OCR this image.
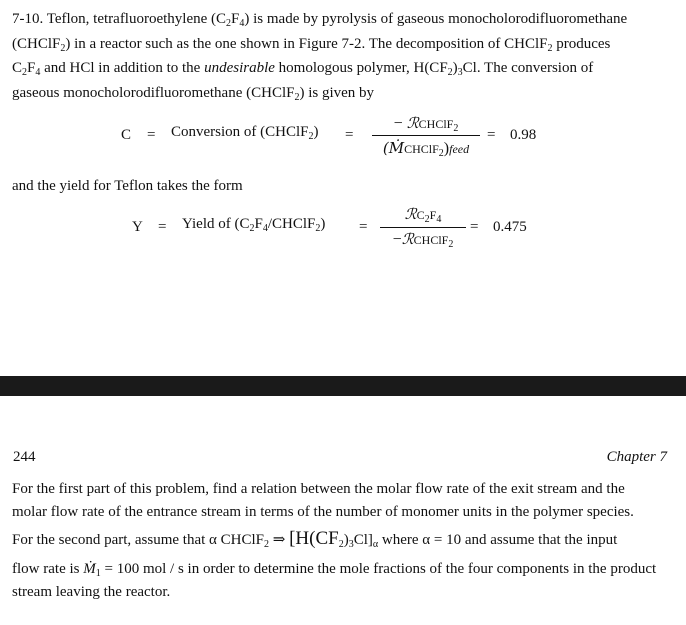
7-10. Teflon, tetrafluoroethylene $(C_2F_4)$ is made by pyrolysis of gaseous monocholorodifluoromethane

(CHClF$_2$) in a reactor such as the one shown in Figure 7-2. The decomposition of CHClF$_2$ produces

$C_2F_4$ and HCl in addition to the undesirable homologous polymer, $H(CF_2)_3Cl$. The conversion of

gaseous monocholorodifluoromethane (CHClF$_2$) is given by

C = Conversion of (CHClF$_2$) =
− ℛCHClF$_2$
(ṀCHClF$_2$)feed
= 0.98

and the yield for Teflon takes the form

Y = Yield of $(C_2F_4/CHClF_2)$ =
$ℛC_2F_4$
−ℛCHClF$_2$
= 0.475
244	Chapter 7

For the first part of this problem, find a relation between the molar flow rate of the exit stream and the

molar flow rate of the entrance stream in terms of the number of monomer units in the polymer species.

For the second part, assume that α CHClF$_2$ ⇒ $[H(CF_2)_3Cl]_\alpha$ where α = 10 and assume that the input

flow rate is Ṁ$_1$ = 100 mol / s in order to determine the mole fractions of the four components in the product

stream leaving the reactor.
